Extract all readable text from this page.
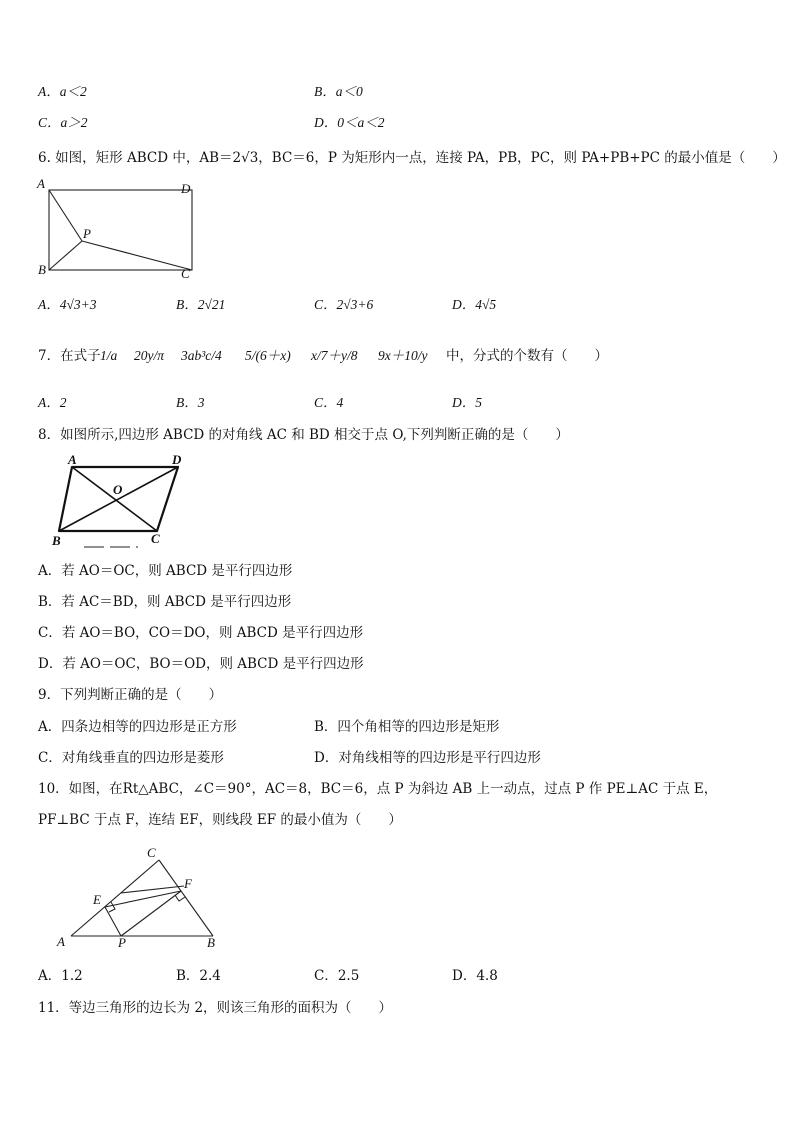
A．a＜2	B．a＜0
C．a＞2	D．0＜a＜2
6. 如图，矩形 ABCD 中，AB＝2√3，BC＝6，P 为矩形内一点，连接 PA，PB，PC，则 PA+PB+PC 的最小值是（　　）
A	D
P
B	C
A．4√3+3	B．2√21	C．2√3+6	D．4√5
7．在式子 1/a 20y/π 3ab³c/4 5/(6＋x) x/7＋y/8 9x＋10/y 中，分式的个数有（　　）
A．2	B．3	C．4	D．5
8．如图所示,四边形 ABCD 的对角线 AC 和 BD 相交于点 O,下列判断正确的是（　　）
A	D
O
B	C
A．若 AO＝OC，则 ABCD 是平行四边形
B．若 AC＝BD，则 ABCD 是平行四边形
C．若 AO＝BO，CO＝DO，则 ABCD 是平行四边形
D．若 AO＝OC，BO＝OD，则 ABCD 是平行四边形
9．下列判断正确的是（　　）
A．四条边相等的四边形是正方形	B．四个角相等的四边形是矩形
C．对角线垂直的四边形是菱形	D．对角线相等的四边形是平行四边形
10．如图，在Rt△ABC，∠C＝90°，AC＝8，BC＝6，点 P 为斜边 AB 上一动点，过点 P 作 PE⊥AC 于点 E，
PF⊥BC 于点 F，连结 EF，则线段 EF 的最小值为（　　）
C
F
E
A	P	B
A．1.2	B．2.4	C．2.5	D．4.8
11．等边三角形的边长为 2，则该三角形的面积为（　　）
